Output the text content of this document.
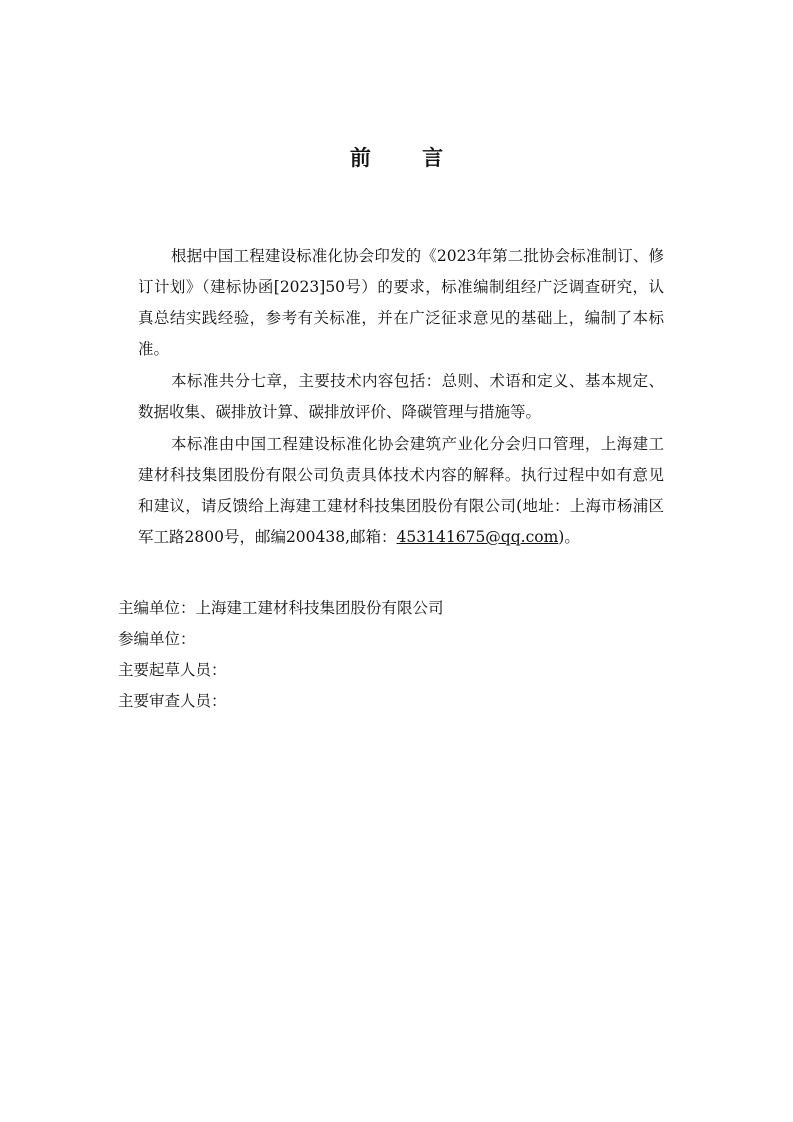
前 言

根据中国工程建设标准化协会印发的《2023年第二批协会标准制订、修订计划》（建标协函[2023]50号）的要求，标准编制组经广泛调查研究，认真总结实践经验，参考有关标准，并在广泛征求意见的基础上，编制了本标准。

本标准共分七章，主要技术内容包括：总则、术语和定义、基本规定、数据收集、碳排放计算、碳排放评价、降碳管理与措施等。

本标准由中国工程建设标准化协会建筑产业化分会归口管理，上海建工建材科技集团股份有限公司负责具体技术内容的解释。执行过程中如有意见 和建议，请反馈给上海建工建材科技集团股份有限公司(地址：上海市杨浦区军工路2800号，邮编200438,邮箱：453141675@qq.com)。

主编单位：上海建工建材科技集团股份有限公司
参编单位：
主要起草人员：
主要审查人员：
